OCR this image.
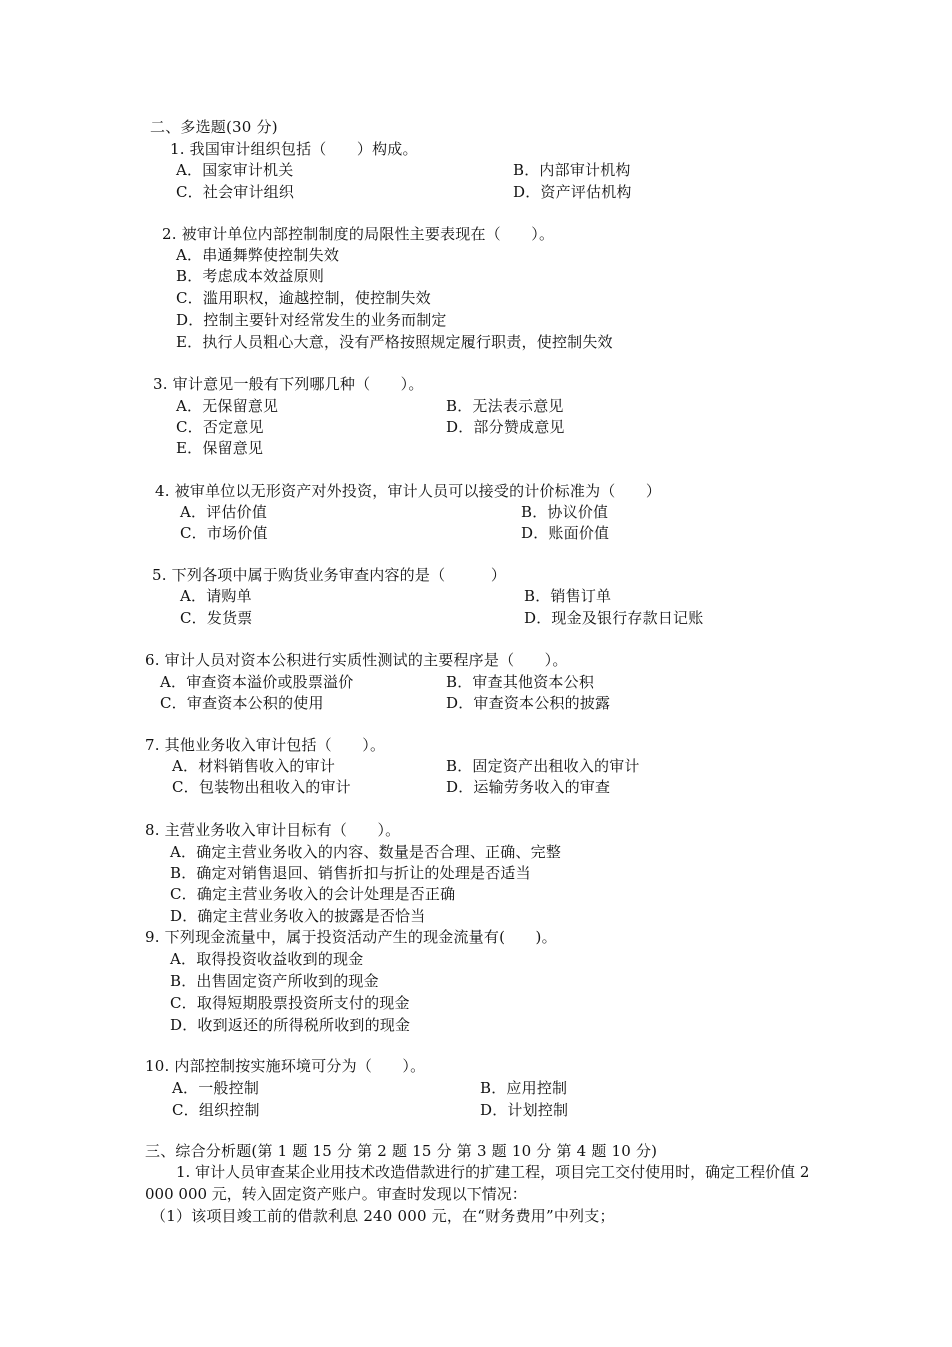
二、多选题(30 分)
1. 我国审计组织包括（　　）构成。
A．国家审计机关	B．内部审计机构
C．社会审计组织	D．资产评估机构
2. 被审计单位内部控制制度的局限性主要表现在（　　）。
A．串通舞弊使控制失效
B．考虑成本效益原则
C．滥用职权，逾越控制，使控制失效
D．控制主要针对经常发生的业务而制定
E．执行人员粗心大意，没有严格按照规定履行职责，使控制失效
3. 审计意见一般有下列哪几种（　　）。
A．无保留意见	B．无法表示意见
C．否定意见	D．部分赞成意见
E．保留意见
4. 被审单位以无形资产对外投资，审计人员可以接受的计价标准为（　　）
A．评估价值	B．协议价值
C．市场价值	D．账面价值
5. 下列各项中属于购货业务审查内容的是（　　　）
A．请购单	B．销售订单
C．发货票	D．现金及银行存款日记账
6. 审计人员对资本公积进行实质性测试的主要程序是（　　）。
A．审查资本溢价或股票溢价	B．审查其他资本公积
C．审查资本公积的使用	D．审查资本公积的披露
7. 其他业务收入审计包括（　　）。
A．材料销售收入的审计	B．固定资产出租收入的审计
C．包装物出租收入的审计	D．运输劳务收入的审查
8. 主营业务收入审计目标有（　　）。
A．确定主营业务收入的内容、数量是否合理、正确、完整
B．确定对销售退回、销售折扣与折让的处理是否适当
C．确定主营业务收入的会计处理是否正确
D．确定主营业务收入的披露是否恰当
9. 下列现金流量中，属于投资活动产生的现金流量有(　　)。
A．取得投资收益收到的现金
B．出售固定资产所收到的现金
C．取得短期股票投资所支付的现金
D．收到返还的所得税所收到的现金
10. 内部控制按实施环境可分为（　　）。
A．一般控制	B．应用控制
C．组织控制	D．计划控制
三、综合分析题(第 1 题 15 分 第 2 题 15 分 第 3 题 10 分 第 4 题 10 分)
1. 审计人员审查某企业用技术改造借款进行的扩建工程，项目完工交付使用时，确定工程价值 2 000 000 元，转入固定资产账户。审查时发现以下情况：
（1）该项目竣工前的借款利息 240 000 元，在“财务费用”中列支；
